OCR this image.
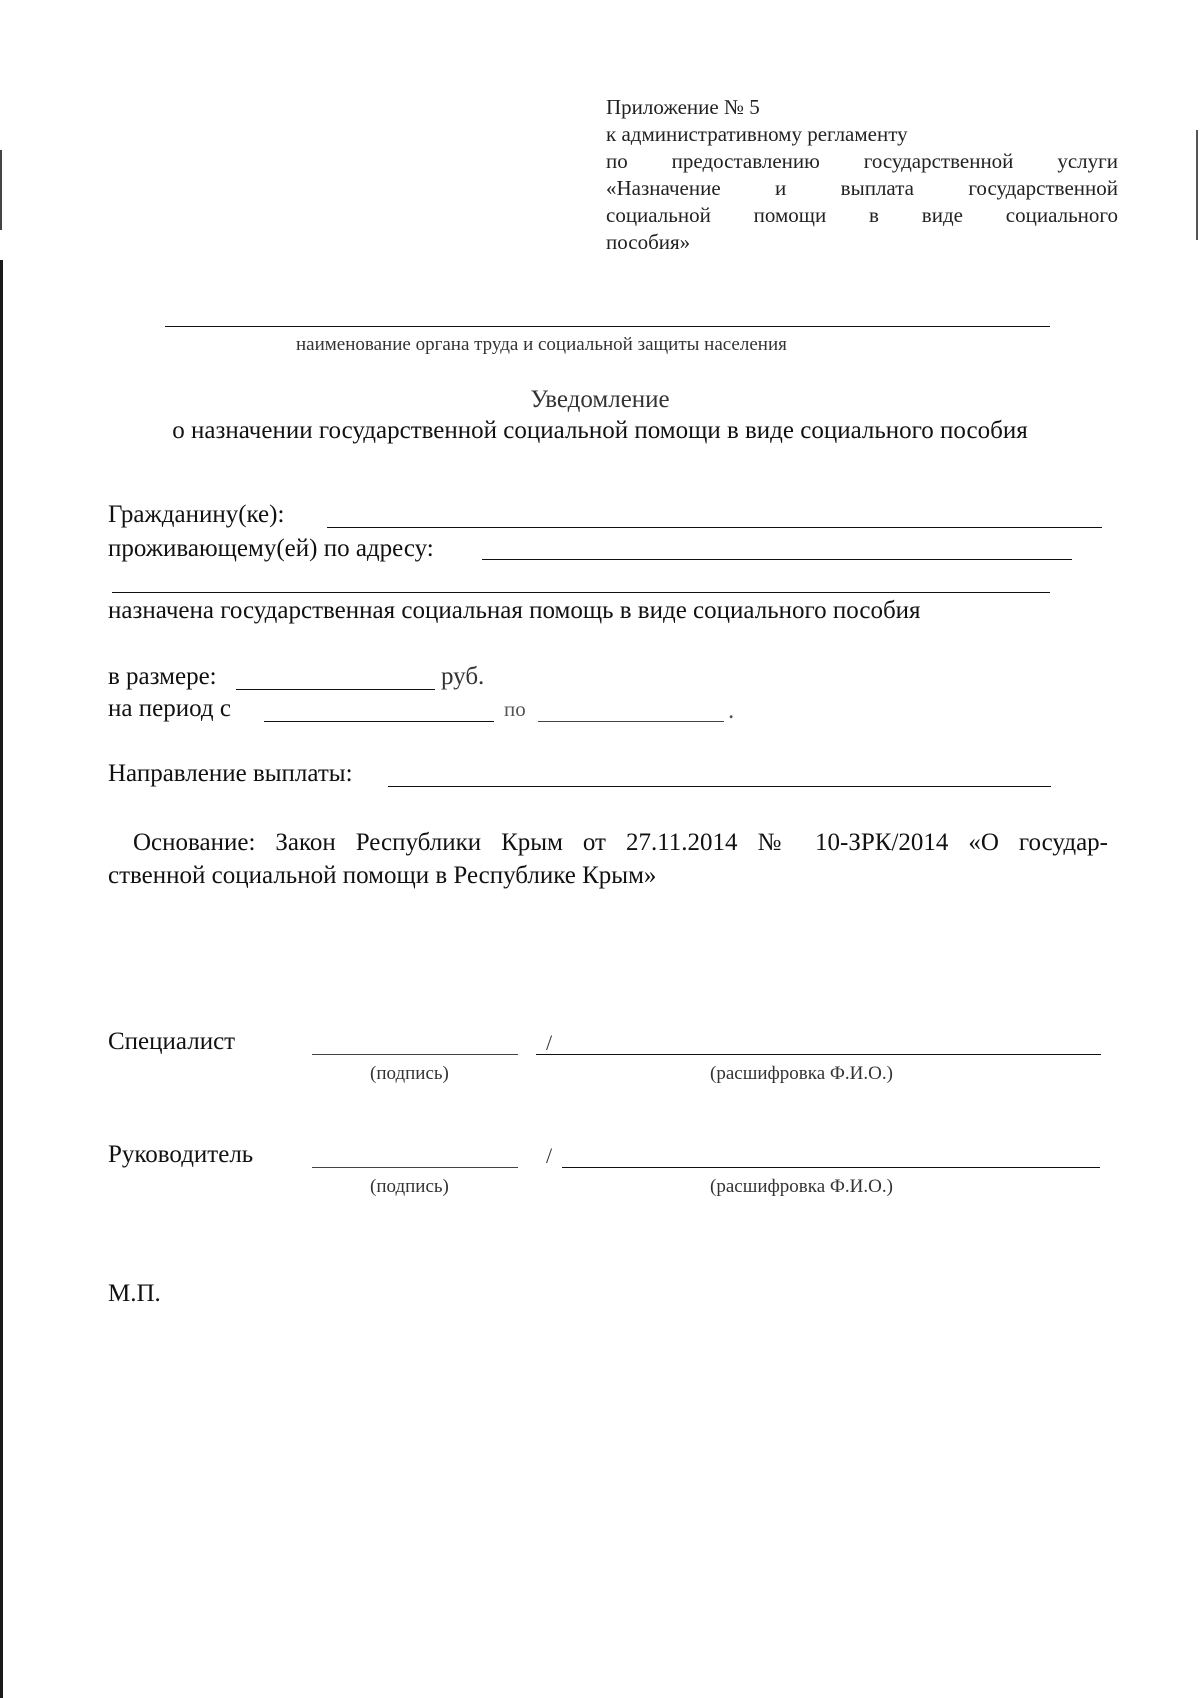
Приложение № 5
к административному регламенту
по предоставлению государственной услуги
«Назначение и выплата государственной
социальной помощи в виде социального
пособия»
наименование органа труда и социальной защиты населения
Уведомление
о назначении государственной социальной помощи в виде социального пособия
Гражданину(ке):
проживающему(ей) по адресу:
назначена государственная социальная помощь в виде социального пособия
в размере:	руб.
на период с	по	.
Направление выплаты:
Основание: Закон Республики Крым от 27.11.2014 № 10-ЗРК/2014 «О государ-
ственной социальной помощи в Республике Крым»
Специалист	/
(подпись)	(расшифровка Ф.И.О.)
Руководитель	/
(подпись)	(расшифровка Ф.И.О.)
М.П.
